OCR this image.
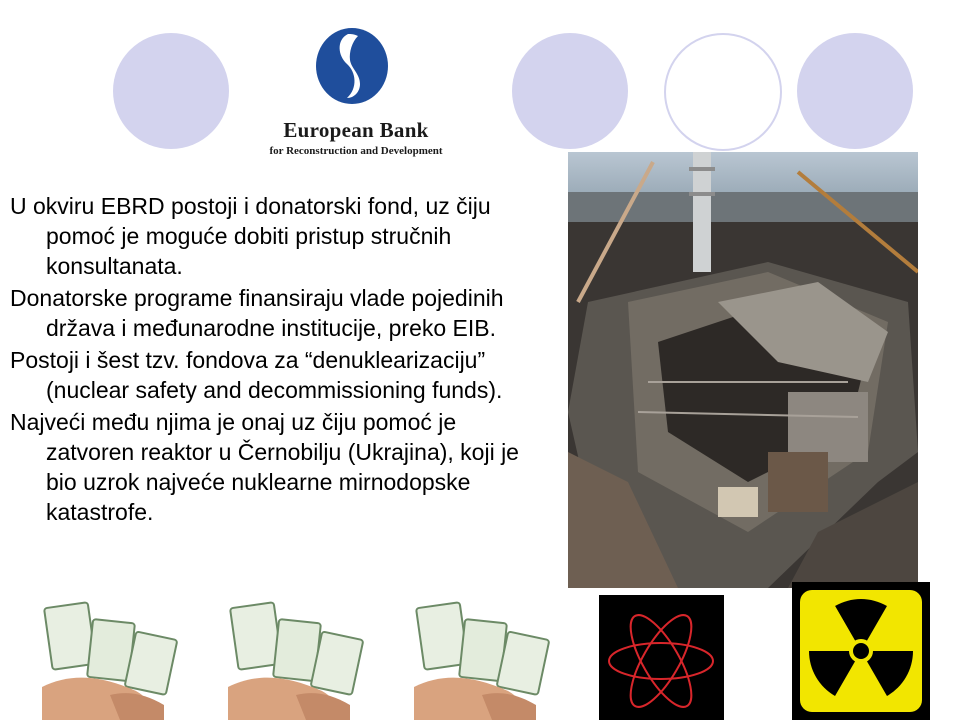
European Bank
for Reconstruction and Development

U okviru EBRD postoji i donatorski fond, uz čiju pomoć je moguće dobiti pristup stručnih konsultanata.

Donatorske programe finansiraju vlade pojedinih država i međunarodne institucije, preko EIB.

Postoji i šest tzv. fondova za “denuklearizaciju” (nuclear safety and decommissioning funds).

Najveći među njima je onaj uz čiju pomoć je zatvoren reaktor u Černobilju (Ukrajina), koji je bio uzrok najveće nuklearne mirnodopske katastrofe.
